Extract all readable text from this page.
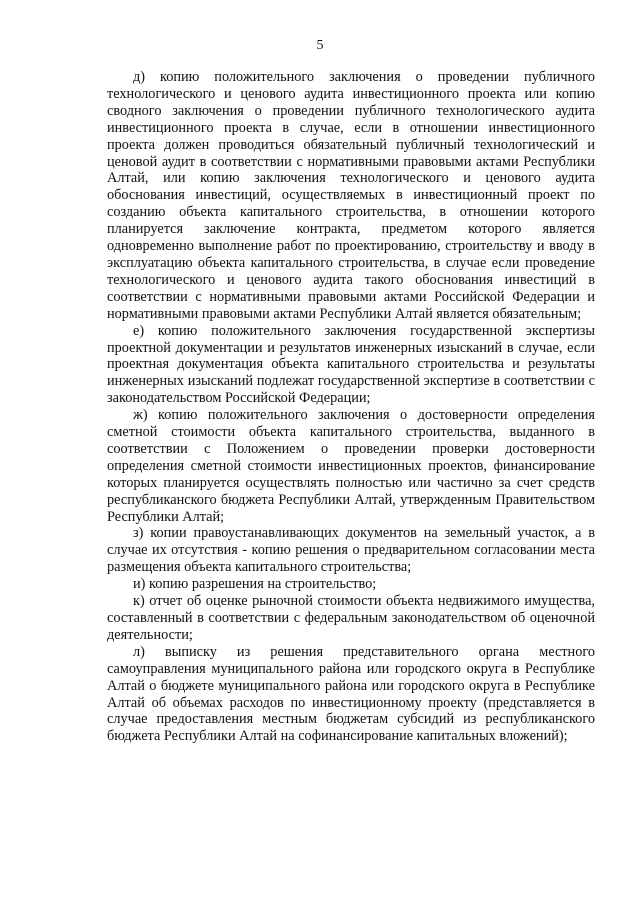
5

д) копию положительного заключения о проведении публичного технологического и ценового аудита инвестиционного проекта или копию сводного заключения о проведении публичного технологического аудита инвестиционного проекта в случае, если в отношении инвестиционного проекта должен проводиться обязательный публичный технологический и ценовой аудит в соответствии с нормативными правовыми актами Республики Алтай, или копию заключения технологического и ценового аудита обоснования инвестиций, осуществляемых в инвестиционный проект по созданию объекта капитального строительства, в отношении которого планируется заключение контракта, предметом которого является одновременно выполнение работ по проектированию, строительству и вводу в эксплуатацию объекта капитального строительства, в случае если проведение технологического и ценового аудита такого обоснования инвестиций в соответствии с нормативными правовыми актами Российской Федерации и нормативными правовыми актами Республики Алтай является обязательным;

е) копию положительного заключения государственной экспертизы проектной документации и результатов инженерных изысканий в случае, если проектная документация объекта капитального строительства и результаты инженерных изысканий подлежат государственной экспертизе в соответствии с законодательством Российской Федерации;

ж) копию положительного заключения о достоверности определения сметной стоимости объекта капитального строительства, выданного в соответствии с Положением о проведении проверки достоверности определения сметной стоимости инвестиционных проектов, финансирование которых планируется осуществлять полностью или частично за счет средств республиканского бюджета Республики Алтай, утвержденным Правительством Республики Алтай;

з) копии правоустанавливающих документов на земельный участок, а в случае их отсутствия - копию решения о предварительном согласовании места размещения объекта капитального строительства;

и) копию разрешения на строительство;

к) отчет об оценке рыночной стоимости объекта недвижимого имущества, составленный в соответствии с федеральным законодательством об оценочной деятельности;

л) выписку из решения представительного органа местного самоуправления муниципального района или городского округа в Республике Алтай о бюджете муниципального района или городского округа в Республике Алтай об объемах расходов по инвестиционному проекту (представляется в случае предоставления местным бюджетам субсидий из республиканского бюджета Республики Алтай на софинансирование капитальных вложений);
